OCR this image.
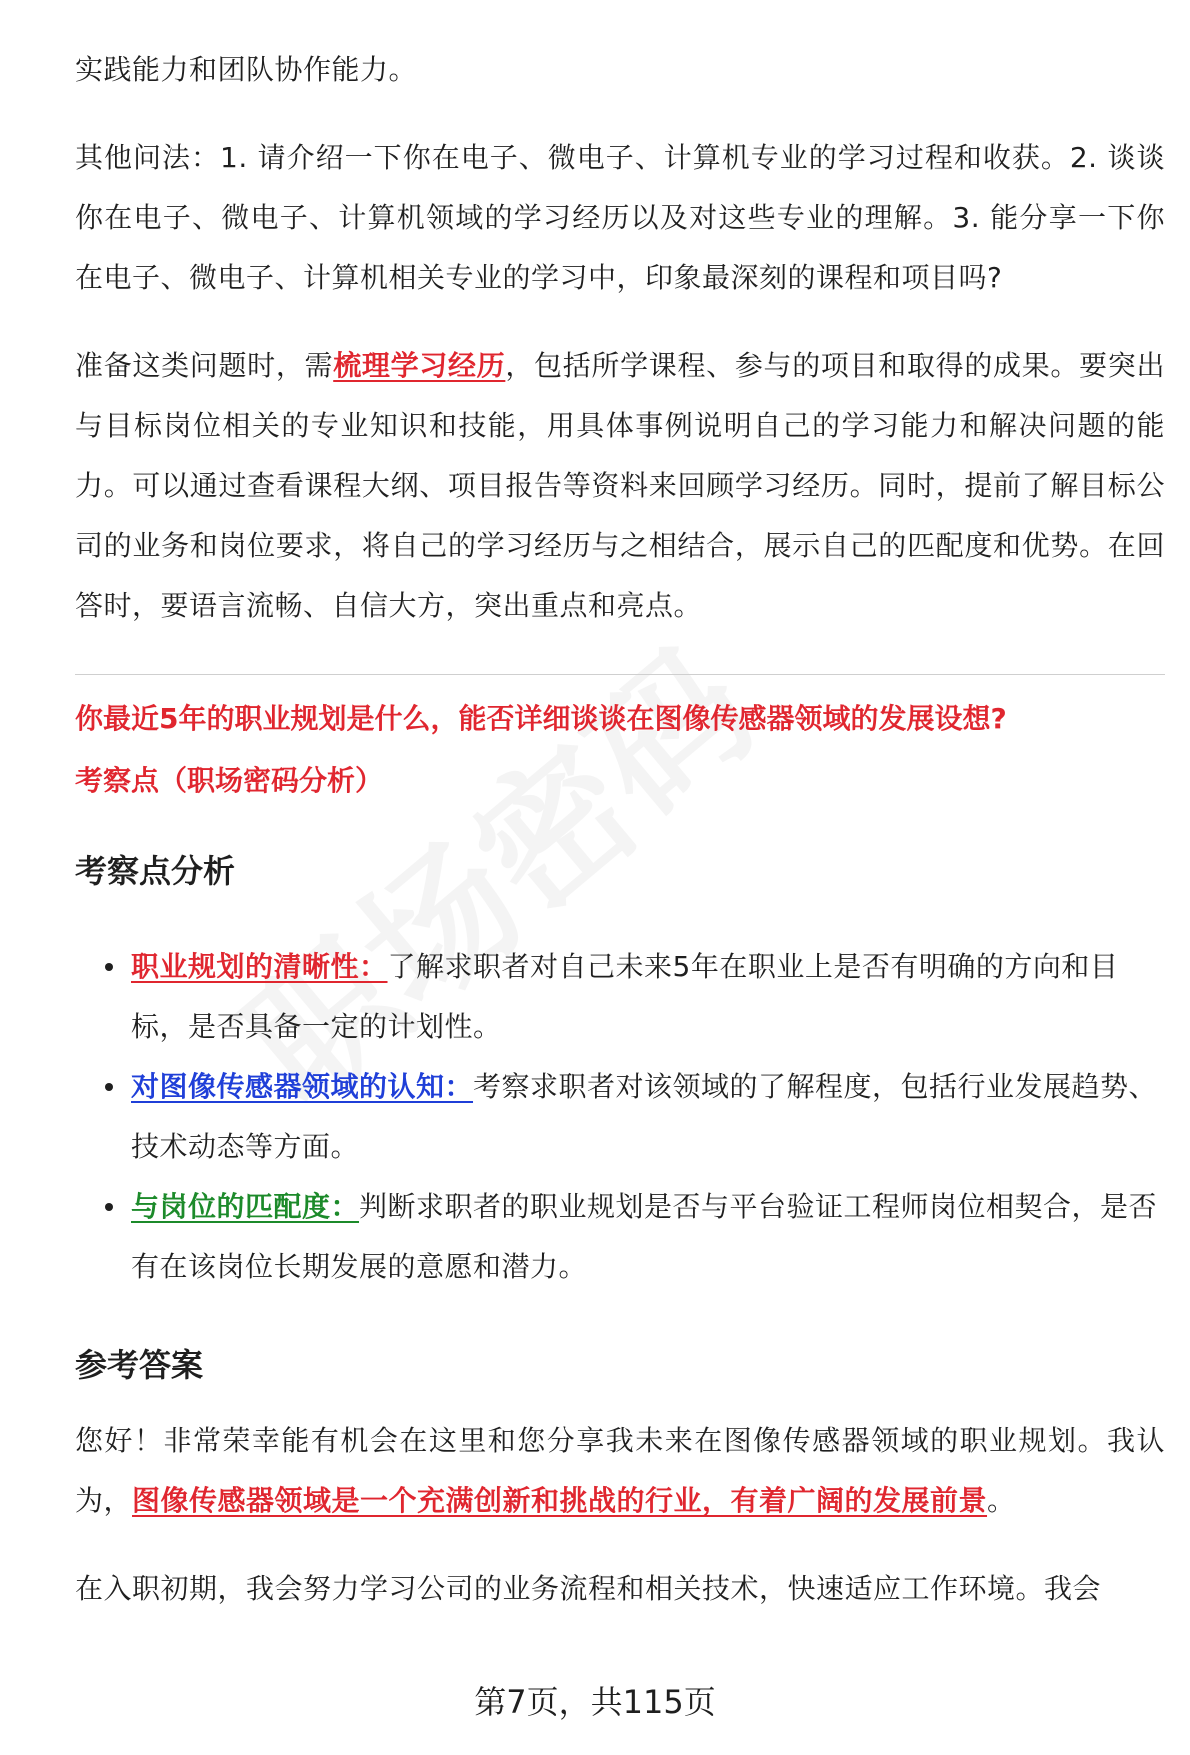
实践能力和团队协作能力。

其他问法：1. 请介绍一下你在电子、微电子、计算机专业的学习过程和收获。2. 谈谈你在电子、微电子、计算机领域的学习经历以及对这些专业的理解。3. 能分享一下你在电子、微电子、计算机相关专业的学习中，印象最深刻的课程和项目吗?

准备这类问题时，需梳理学习经历，包括所学课程、参与的项目和取得的成果。要突出与目标岗位相关的专业知识和技能，用具体事例说明自己的学习能力和解决问题的能力。可以通过查看课程大纲、项目报告等资料来回顾学习经历。同时，提前了解目标公司的业务和岗位要求，将自己的学习经历与之相结合，展示自己的匹配度和优势。在回答时，要语言流畅、自信大方，突出重点和亮点。

你最近5年的职业规划是什么，能否详细谈谈在图像传感器领域的发展设想?
考察点（职场密码分析）
考察点分析
职业规划的清晰性：了解求职者对自己未来5年在职业上是否有明确的方向和目标，是否具备一定的计划性。
对图像传感器领域的认知：考察求职者对该领域的了解程度，包括行业发展趋势、技术动态等方面。
与岗位的匹配度：判断求职者的职业规划是否与平台验证工程师岗位相契合，是否有在该岗位长期发展的意愿和潜力。
参考答案

您好！非常荣幸能有机会在这里和您分享我未来在图像传感器领域的职业规划。我认为，图像传感器领域是一个充满创新和挑战的行业，有着广阔的发展前景。

在入职初期，我会努力学习公司的业务流程和相关技术，快速适应工作环境。我会

第7页，共115页
